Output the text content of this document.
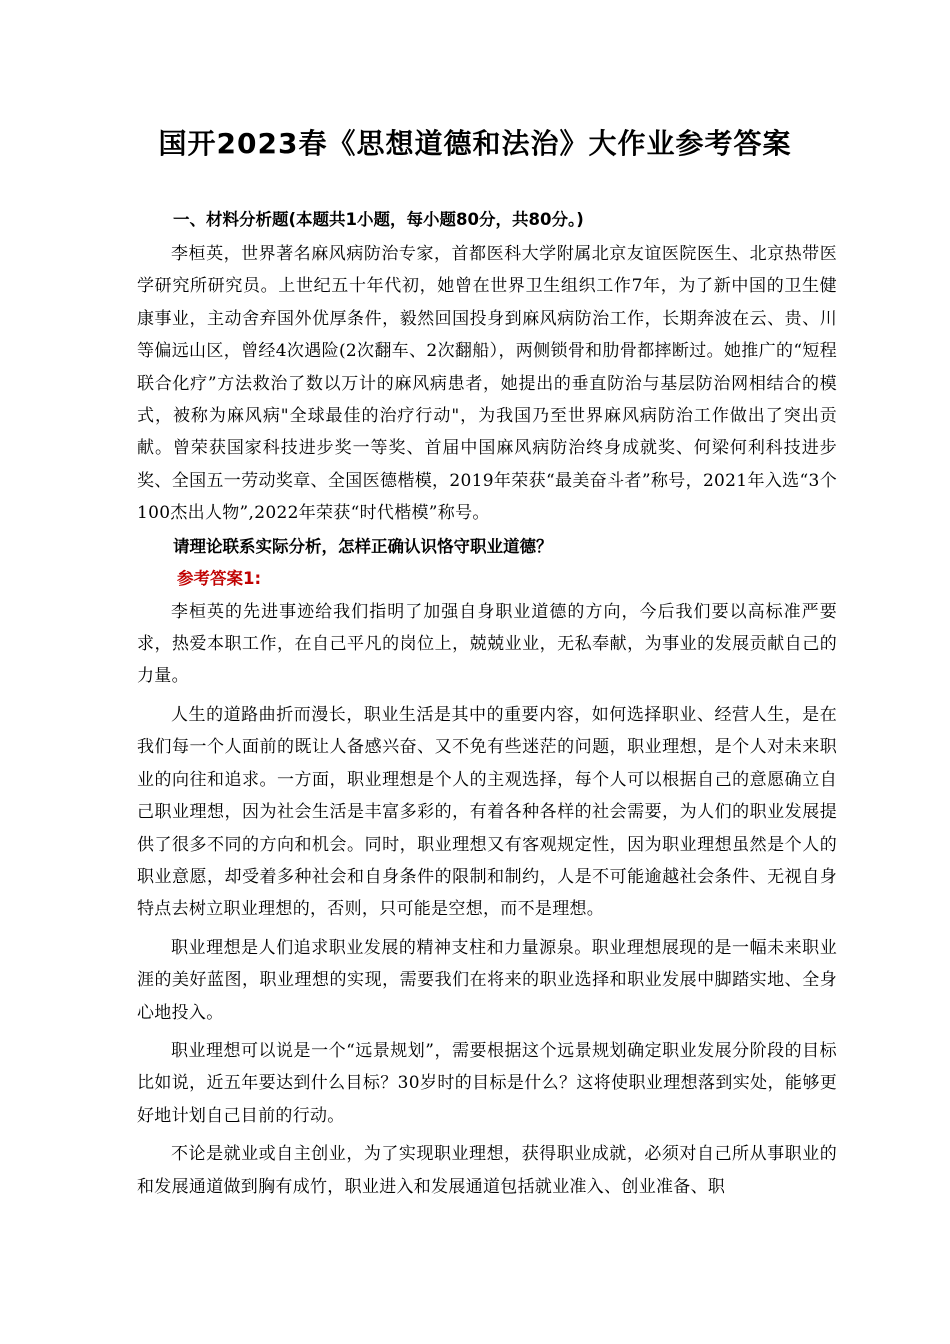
国开2023春《思想道德和法治》大作业参考答案
一、材料分析题(本题共1小题，每小题80分，共80分。)

李桓英，世界著名麻风病防治专家，首都医科大学附属北京友谊医院医生、北京热带医学研究所研究员。上世纪五十年代初，她曾在世界卫生组织工作7年，为了新中国的卫生健康事业，主动舍弃国外优厚条件，毅然回国投身到麻风病防治工作，长期奔波在云、贵、川等偏远山区，曾经4次遇险(2次翻车、2次翻船），两侧锁骨和肋骨都摔断过。她推广的“短程联合化疗”方法救治了数以万计的麻风病患者，她提出的垂直防治与基层防治网相结合的模式，被称为麻风病"全球最佳的治疗行动"，为我国乃至世界麻风病防治工作做出了突出贡献。曾荣获国家科技进步奖一等奖、首届中国麻风病防治终身成就奖、何梁何利科技进步奖、全国五一劳动奖章、全国医德楷模，2019年荣获“最美奋斗者”称号，2021年入选“3个100杰出人物”,2022年荣获“时代楷模”称号。

请理论联系实际分析，怎样正确认识恪守职业道德？
参考答案1:

李桓英的先进事迹给我们指明了加强自身职业道德的方向，今后我们要以高标准严要求，热爱本职工作，在自己平凡的岗位上，兢兢业业，无私奉献，为事业的发展贡献自己的力量。

人生的道路曲折而漫长，职业生活是其中的重要内容，如何选择职业、经营人生，是在我们每一个人面前的既让人备感兴奋、又不免有些迷茫的问题，职业理想，是个人对未来职业的向往和追求。一方面，职业理想是个人的主观选择，每个人可以根据自己的意愿确立自己职业理想，因为社会生活是丰富多彩的，有着各种各样的社会需要，为人们的职业发展提供了很多不同的方向和机会。同时，职业理想又有客观规定性，因为职业理想虽然是个人的职业意愿，却受着多种社会和自身条件的限制和制约，人是不可能逾越社会条件、无视自身特点去树立职业理想的，否则，只可能是空想，而不是理想。

职业理想是人们追求职业发展的精神支柱和力量源泉。职业理想展现的是一幅未来职业涯的美好蓝图，职业理想的实现，需要我们在将来的职业选择和职业发展中脚踏实地、全身心地投入。

职业理想可以说是一个“远景规划”，需要根据这个远景规划确定职业发展分阶段的目标比如说，近五年要达到什么目标？30岁时的目标是什么？这将使职业理想落到实处，能够更好地计划自己目前的行动。

不论是就业或自主创业，为了实现职业理想，获得职业成就，必须对自己所从事职业的和发展通道做到胸有成竹，职业进入和发展通道包括就业准入、创业准备、职
